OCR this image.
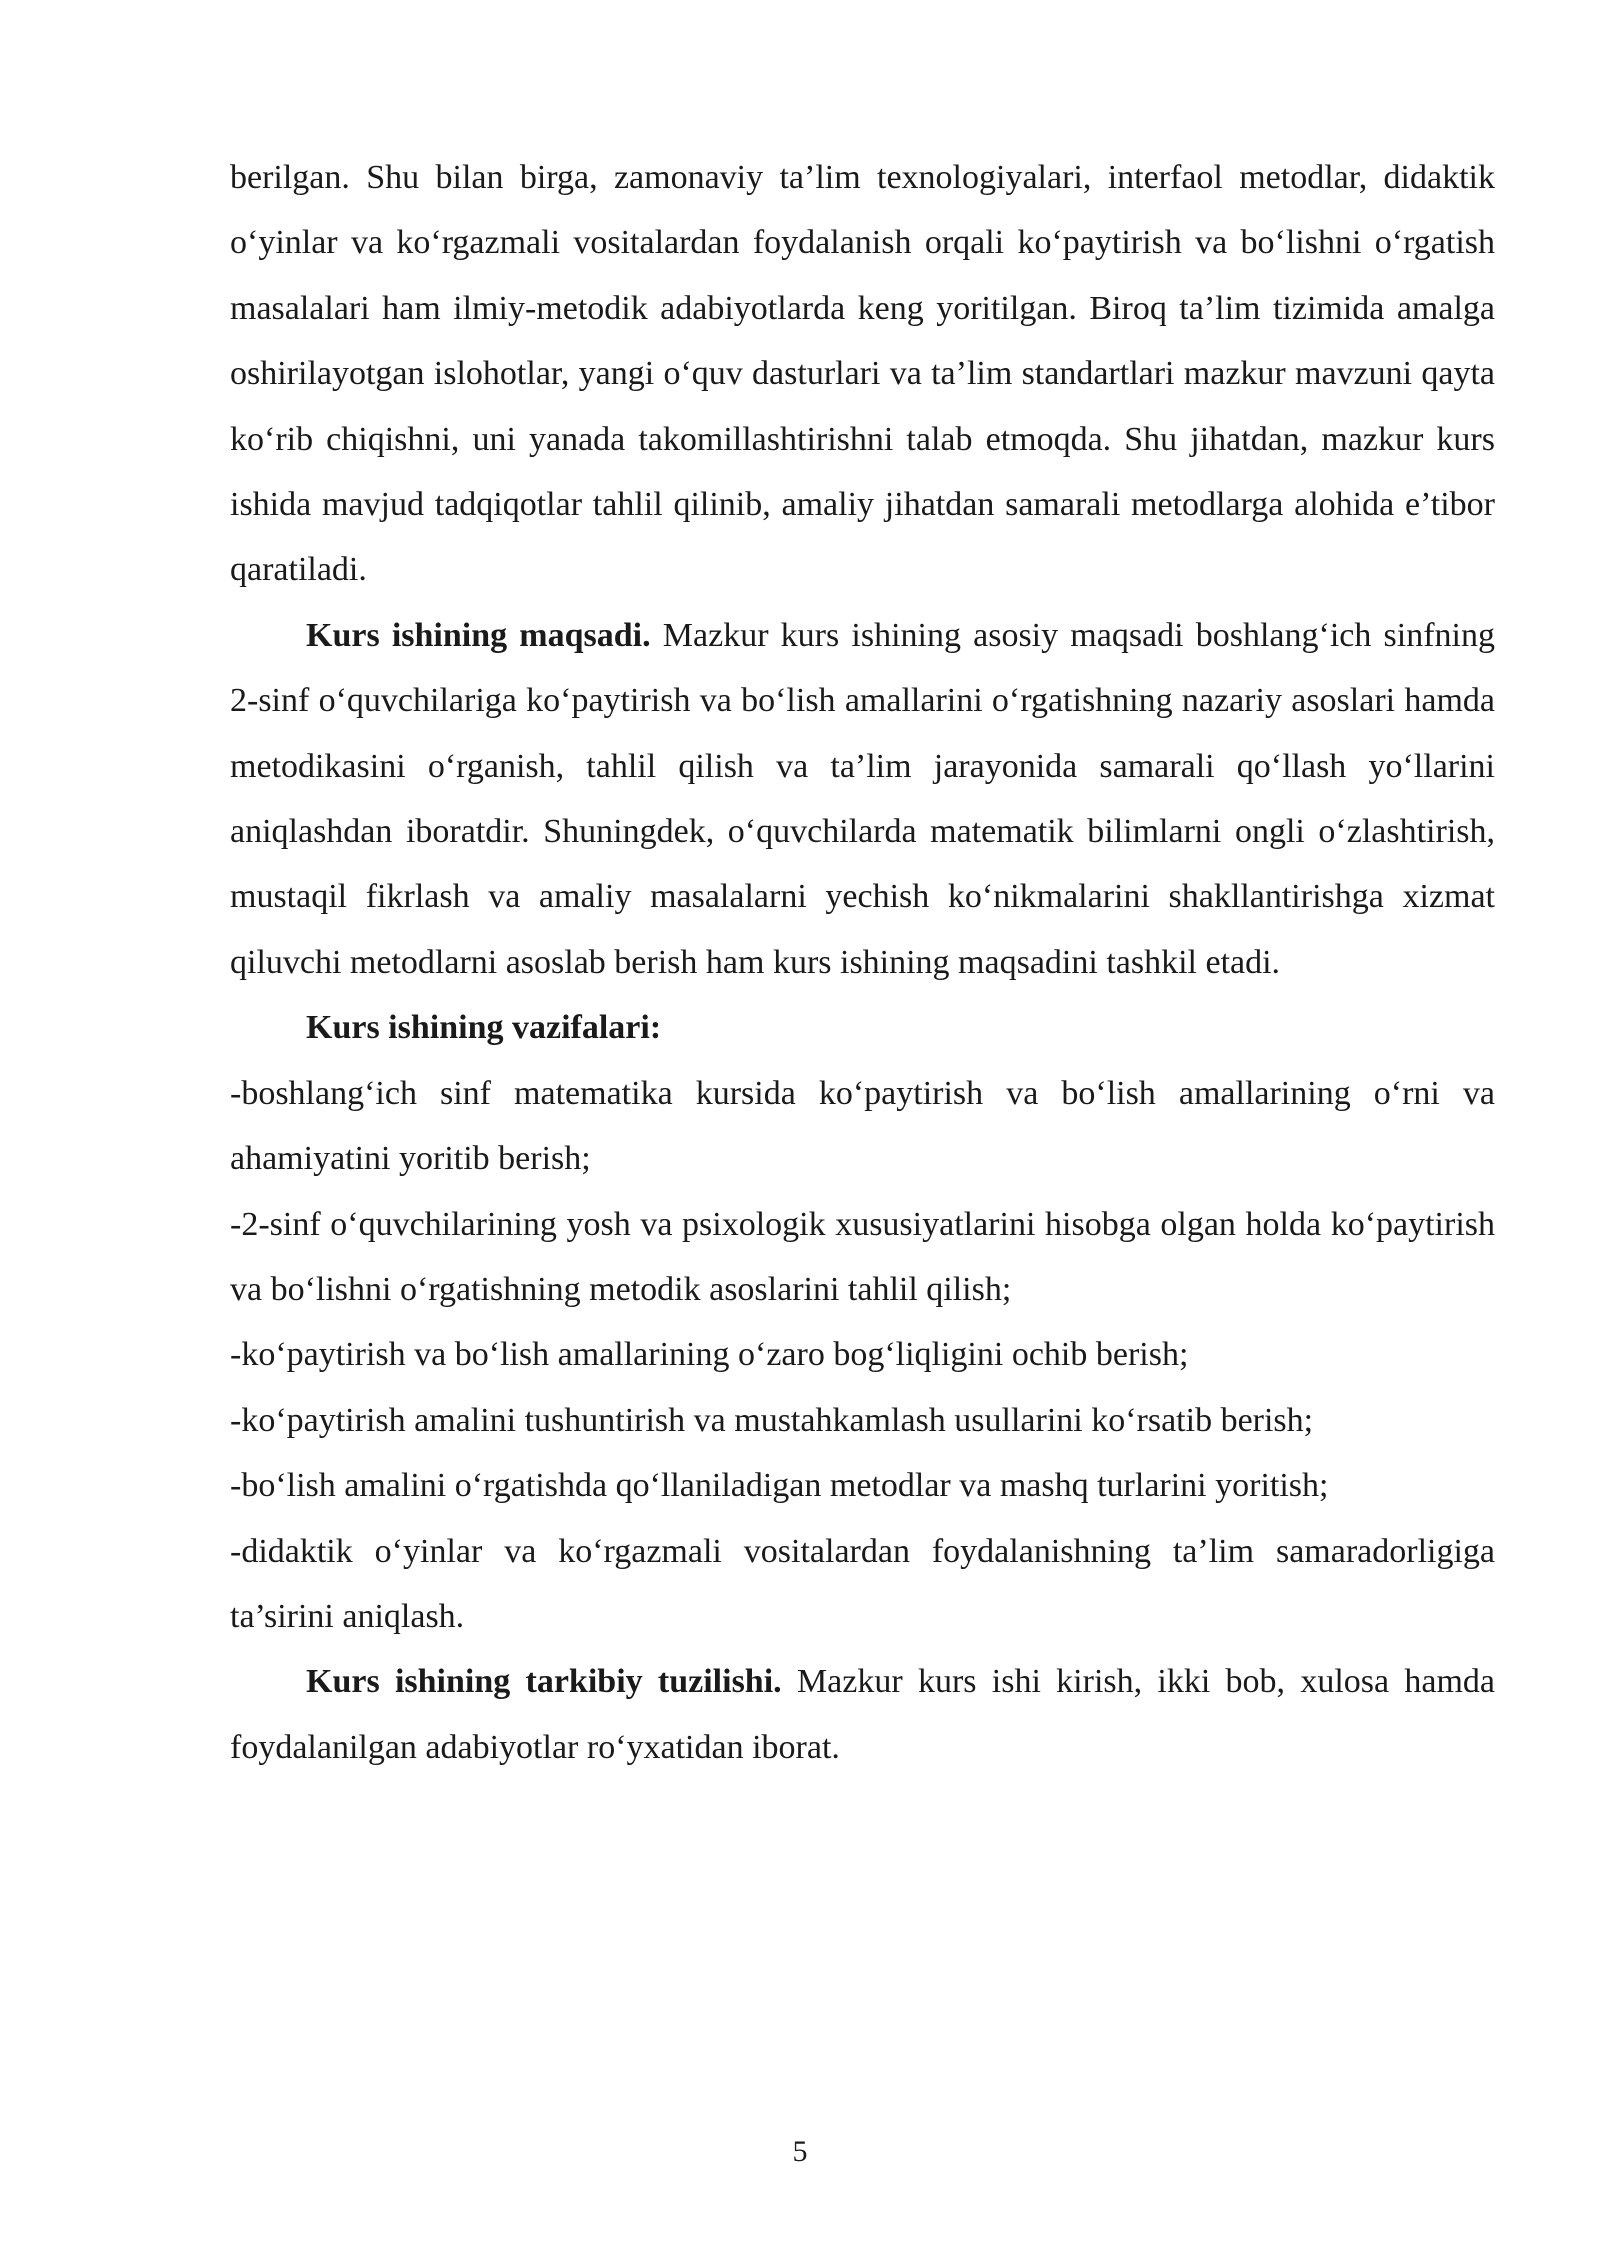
berilgan. Shu bilan birga, zamonaviy ta’lim texnologiyalari, interfaol metodlar, didaktik o‘yinlar va ko‘rgazmali vositalardan foydalanish orqali ko‘paytirish va bo‘lishni o‘rgatish masalalari ham ilmiy-metodik adabiyotlarda keng yoritilgan. Biroq ta’lim tizimida amalga oshirilayotgan islohotlar, yangi o‘quv dasturlari va ta’lim standartlari mazkur mavzuni qayta ko‘rib chiqishni, uni yanada takomillashtirishni talab etmoqda. Shu jihatdan, mazkur kurs ishida mavjud tadqiqotlar tahlil qilinib, amaliy jihatdan samarali metodlarga alohida e’tibor qaratiladi.

Kurs ishining maqsadi. Mazkur kurs ishining asosiy maqsadi boshlang‘ich sinfning 2-sinf o‘quvchilariga ko‘paytirish va bo‘lish amallarini o‘rgatishning nazariy asoslari hamda metodikasini o‘rganish, tahlil qilish va ta’lim jarayonida samarali qo‘llash yo‘llarini aniqlashdan iboratdir. Shuningdek, o‘quvchilarda matematik bilimlarni ongli o‘zlashtirish, mustaqil fikrlash va amaliy masalalarni yechish ko‘nikmalarini shakllantirishga xizmat qiluvchi metodlarni asoslab berish ham kurs ishining maqsadini tashkil etadi.

Kurs ishining vazifalari:

-boshlang‘ich sinf matematika kursida ko‘paytirish va bo‘lish amallarining o‘rni va ahamiyatini yoritib berish;

-2-sinf o‘quvchilarining yosh va psixologik xususiyatlarini hisobga olgan holda ko‘paytirish va bo‘lishni o‘rgatishning metodik asoslarini tahlil qilish;

-ko‘paytirish va bo‘lish amallarining o‘zaro bog‘liqligini ochib berish;

-ko‘paytirish amalini tushuntirish va mustahkamlash usullarini ko‘rsatib berish;

-bo‘lish amalini o‘rgatishda qo‘llaniladigan metodlar va mashq turlarini yoritish;

-didaktik o‘yinlar va ko‘rgazmali vositalardan foydalanishning ta’lim samaradorligiga ta’sirini aniqlash.

Kurs ishining tarkibiy tuzilishi. Mazkur kurs ishi kirish, ikki bob, xulosa hamda foydalanilgan adabiyotlar ro‘yxatidan iborat.

5
